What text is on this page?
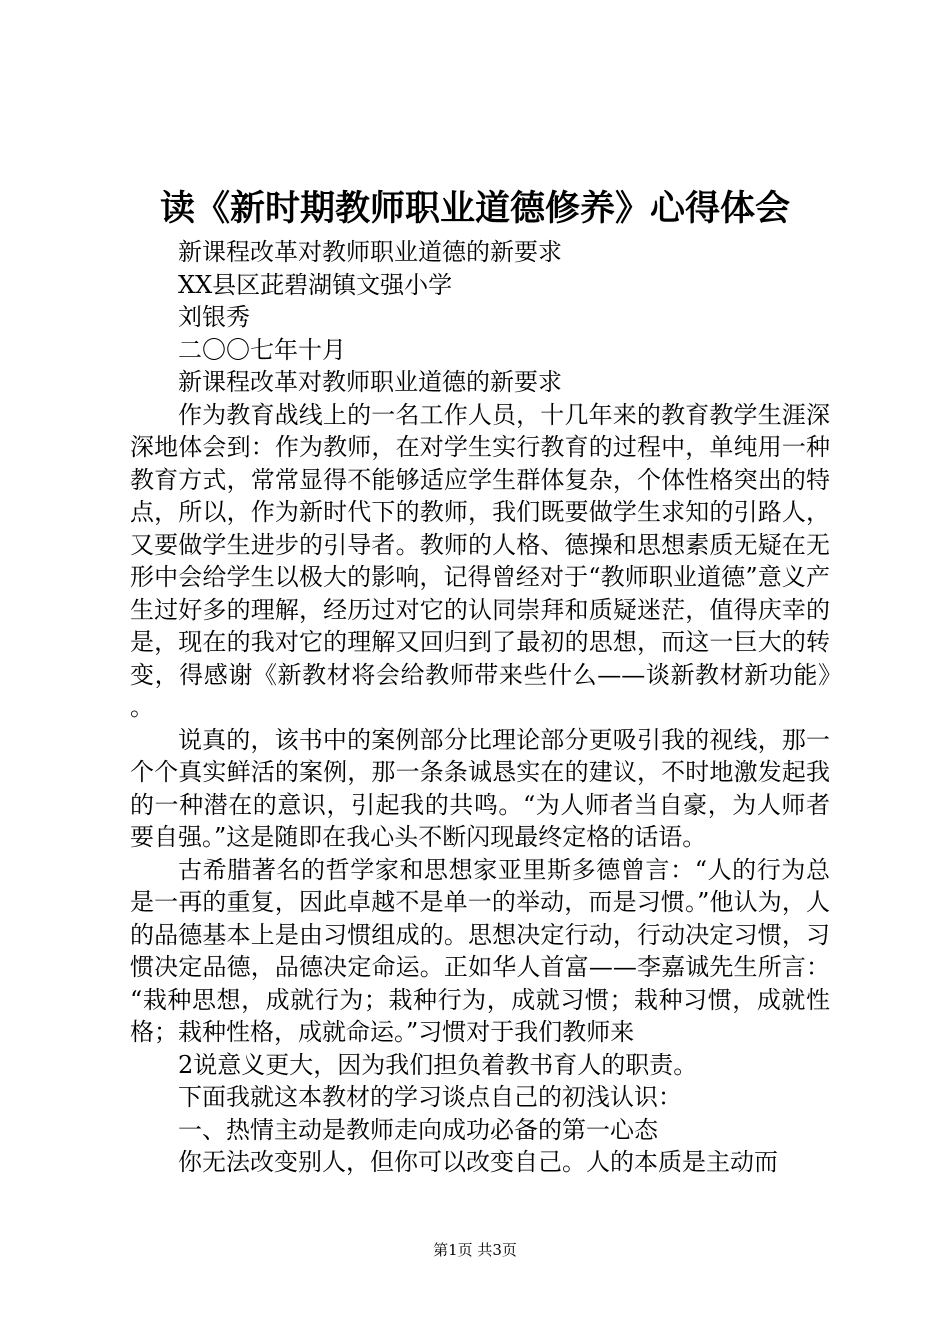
读《新时期教师职业道德修养》心得体会
新课程改革对教师职业道德的新要求
XX县区茈碧湖镇文强小学
刘银秀
二〇〇七年十月
新课程改革对教师职业道德的新要求

作为教育战线上的一名工作人员，十几年来的教育教学生涯深深地体会到：作为教师，在对学生实行教育的过程中，单纯用一种教育方式，常常显得不能够适应学生群体复杂，个体性格突出的特点，所以，作为新时代下的教师，我们既要做学生求知的引路人，又要做学生进步的引导者。教师的人格、德操和思想素质无疑在无形中会给学生以极大的影响，记得曾经对于“教师职业道德”意义产生过好多的理解，经历过对它的认同崇拜和质疑迷茫，值得庆幸的是，现在的我对它的理解又回归到了最初的思想，而这一巨大的转变，得感谢《新教材将会给教师带来些什么——谈新教材新功能》。

说真的，该书中的案例部分比理论部分更吸引我的视线，那一个个真实鲜活的案例，那一条条诚恳实在的建议，不时地激发起我的一种潜在的意识，引起我的共鸣。“为人师者当自豪，为人师者要自强。”这是随即在我心头不断闪现最终定格的话语。

古希腊著名的哲学家和思想家亚里斯多德曾言：“人的行为总是一再的重复，因此卓越不是单一的举动，而是习惯。”他认为，人的品德基本上是由习惯组成的。思想决定行动，行动决定习惯，习惯决定品德，品德决定命运。正如华人首富——李嘉诚先生所言：“栽种思想，成就行为；栽种行为，成就习惯；栽种习惯，成就性格；栽种性格，成就命运。”习惯对于我们教师来

2说意义更大，因为我们担负着教书育人的职责。
下面我就这本教材的学习谈点自己的初浅认识：
一、热情主动是教师走向成功必备的第一心态
你无法改变别人，但你可以改变自己。人的本质是主动而
第1页 共3页
